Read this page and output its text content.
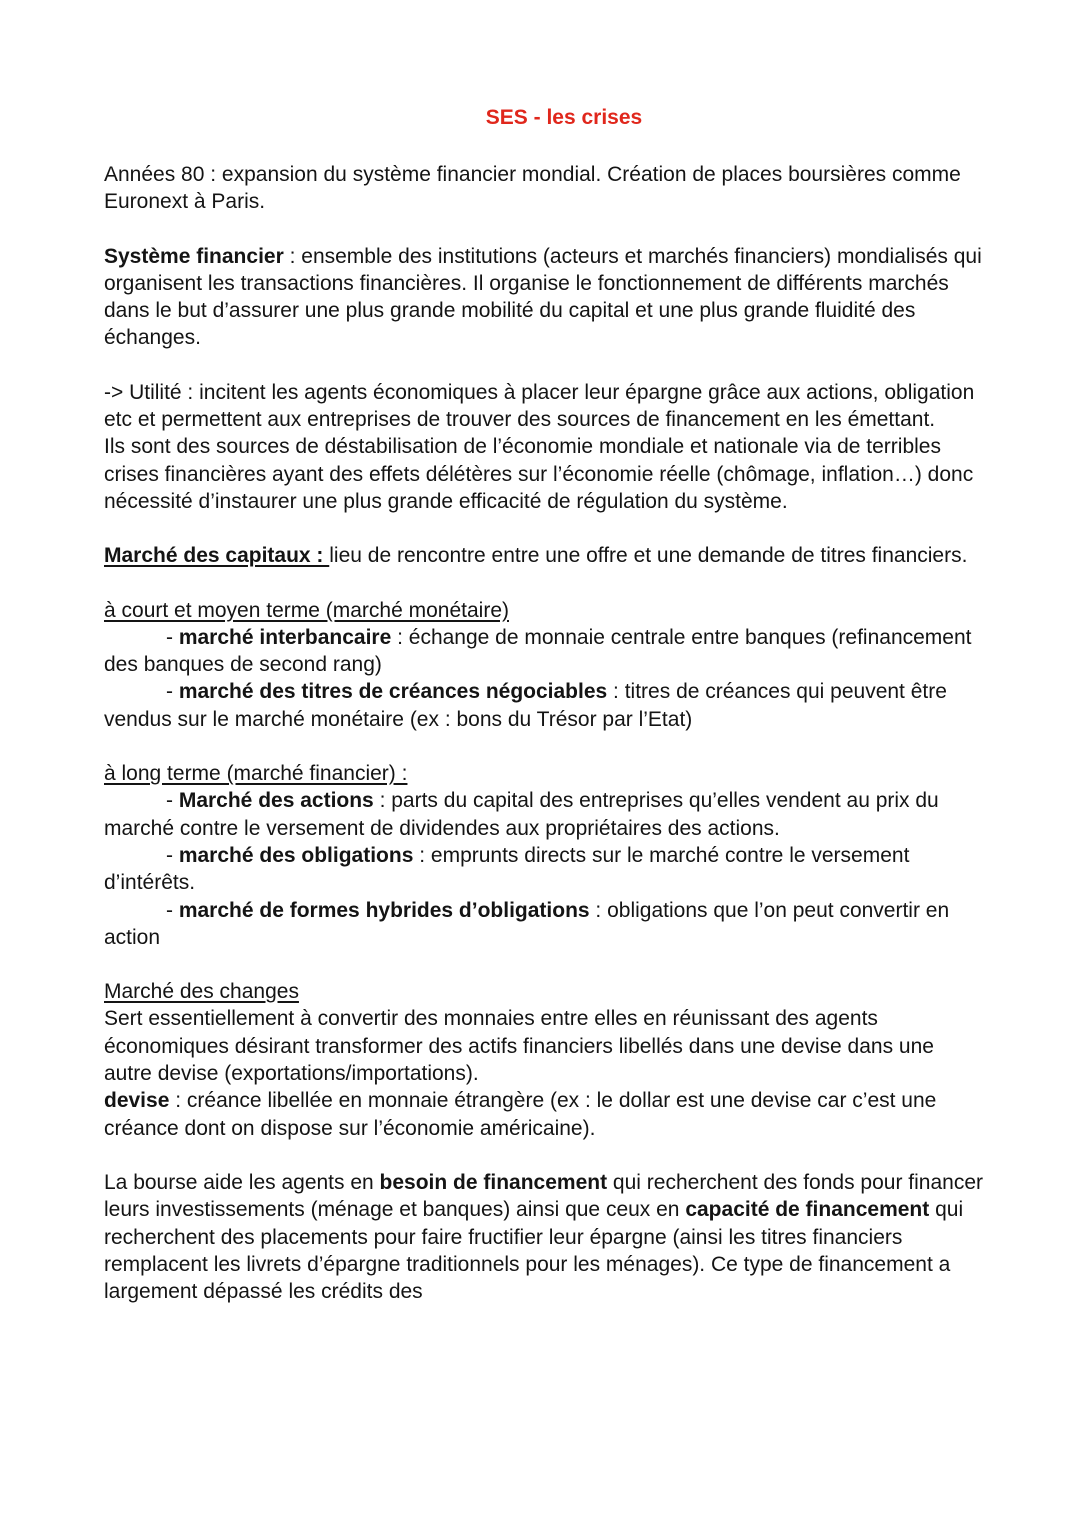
SES - les crises

Années 80 : expansion du système financier mondial. Création de places boursières comme Euronext à Paris.

Système financier : ensemble des institutions (acteurs et marchés financiers) mondialisés qui organisent les transactions financières. Il organise le fonctionnement de différents marchés dans le but d’assurer une plus grande mobilité du capital et une plus grande fluidité des échanges.

-> Utilité : incitent les agents économiques à placer leur épargne grâce aux actions, obligation etc et permettent aux entreprises de trouver des sources de financement en les émettant.

Ils sont des sources de déstabilisation de l’économie mondiale et nationale via de terribles crises financières ayant des effets délétères sur l’économie réelle (chômage, inflation…) donc nécessité d’instaurer une plus grande efficacité de régulation du système.

Marché des capitaux : lieu de rencontre entre une offre et une demande de titres financiers.

à court et moyen terme (marché monétaire)

- marché interbancaire : échange de monnaie centrale entre banques (refinancement des banques de second rang)

- marché des titres de créances négociables : titres de créances qui peuvent être vendus sur le marché monétaire (ex : bons du Trésor par l’Etat)

à long terme (marché financier) :

- Marché des actions : parts du capital des entreprises qu’elles vendent au prix du marché contre le versement de dividendes aux propriétaires des actions.

- marché des obligations : emprunts directs sur le marché contre le versement d’intérêts.

- marché de formes hybrides d’obligations : obligations que l’on peut convertir en action

Marché des changes

Sert essentiellement à convertir des monnaies entre elles en réunissant des agents économiques désirant transformer des actifs financiers libellés dans une devise dans une autre devise (exportations/importations).

devise : créance libellée en monnaie étrangère (ex : le dollar est une devise car c’est une créance dont on dispose sur l’économie américaine).

La bourse aide les agents en besoin de financement qui recherchent des fonds pour financer leurs investissements (ménage et banques) ainsi que ceux en capacité de financement qui recherchent des placements pour faire fructifier leur épargne (ainsi les titres financiers remplacent les livrets d’épargne traditionnels pour les ménages). Ce type de financement a largement dépassé les crédits des
